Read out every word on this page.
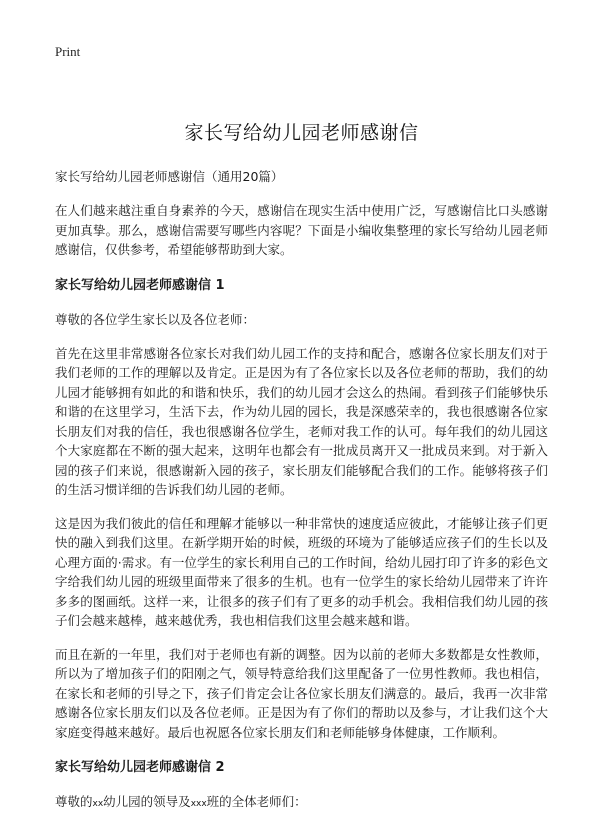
Print
家长写给幼儿园老师感谢信

家长写给幼儿园老师感谢信（通用20篇）

在人们越来越注重自身素养的今天，感谢信在现实生活中使用广泛，写感谢信比口头感谢更加真挚。那么，感谢信需要写哪些内容呢？下面是小编收集整理的家长写给幼儿园老师感谢信，仅供参考，希望能够帮助到大家。

家长写给幼儿园老师感谢信 1

尊敬的各位学生家长以及各位老师：

首先在这里非常感谢各位家长对我们幼儿园工作的支持和配合，感谢各位家长朋友们对于我们老师的工作的理解以及肯定。正是因为有了各位家长以及各位老师的帮助，我们的幼儿园才能够拥有如此的和谐和快乐，我们的幼儿园才会这么的热闹。看到孩子们能够快乐和谐的在这里学习，生活下去，作为幼儿园的园长，我是深感荣幸的，我也很感谢各位家长朋友们对我的信任，我也很感谢各位学生，老师对我工作的认可。每年我们的幼儿园这个大家庭都在不断的强大起来，这明年也都会有一批成员离开又一批成员来到。对于新入园的孩子们来说，很感谢新入园的孩子，家长朋友们能够配合我们的工作。能够将孩子们的生活习惯详细的告诉我们幼儿园的老师。

这是因为我们彼此的信任和理解才能够以一种非常快的速度适应彼此，才能够让孩子们更快的融入到我们这里。在新学期开始的时候，班级的环境为了能够适应孩子们的生长以及心理方面的·需求。有一位学生的家长利用自己的工作时间，给幼儿园打印了许多的彩色文字给我们幼儿园的班级里面带来了很多的生机。也有一位学生的家长给幼儿园带来了许许多多的图画纸。这样一来，让很多的孩子们有了更多的动手机会。我相信我们幼儿园的孩子们会越来越棒，越来越优秀，我也相信我们这里会越来越和谐。

而且在新的一年里，我们对于老师也有新的调整。因为以前的老师大多数都是女性教师，所以为了增加孩子们的阳刚之气，领导特意给我们这里配备了一位男性教师。我也相信，在家长和老师的引导之下，孩子们肯定会让各位家长朋友们满意的。最后，我再一次非常感谢各位家长朋友们以及各位老师。正是因为有了你们的帮助以及参与，才让我们这个大家庭变得越来越好。最后也祝愿各位家长朋友们和老师能够身体健康，工作顺利。

家长写给幼儿园老师感谢信 2

尊敬的xx幼儿园的领导及xxx班的全体老师们：
